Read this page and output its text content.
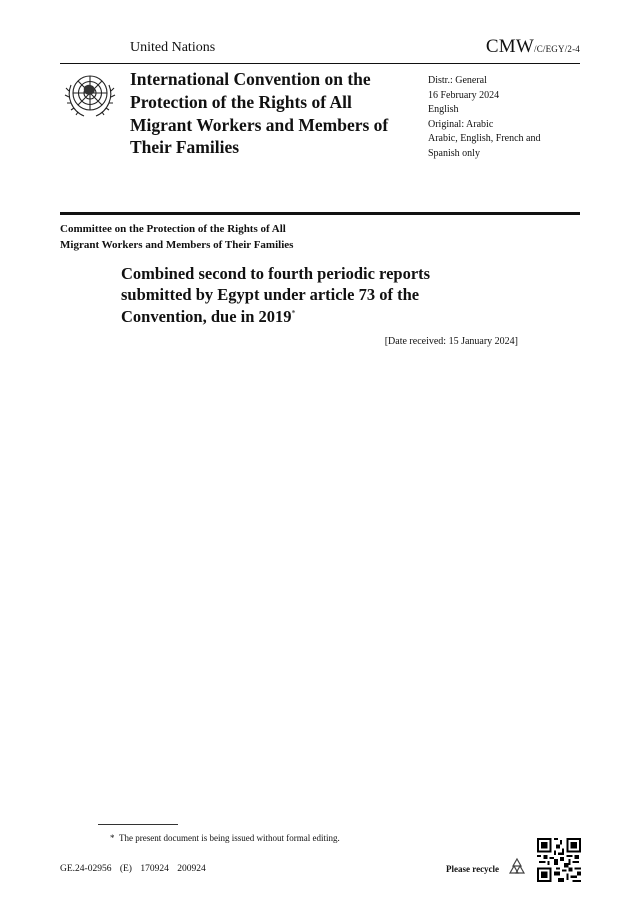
United Nations	CMW/C/EGY/2-4
International Convention on the Protection of the Rights of All Migrant Workers and Members of Their Families
Distr.: General
16 February 2024
English
Original: Arabic
Arabic, English, French and
Spanish only
Committee on the Protection of the Rights of All
Migrant Workers and Members of Their Families
Combined second to fourth periodic reports submitted by Egypt under article 73 of the Convention, due in 2019*
[Date received: 15 January 2024]
* The present document is being issued without formal editing.
GE.24-02956 (E) 170924 200924	Please recycle
